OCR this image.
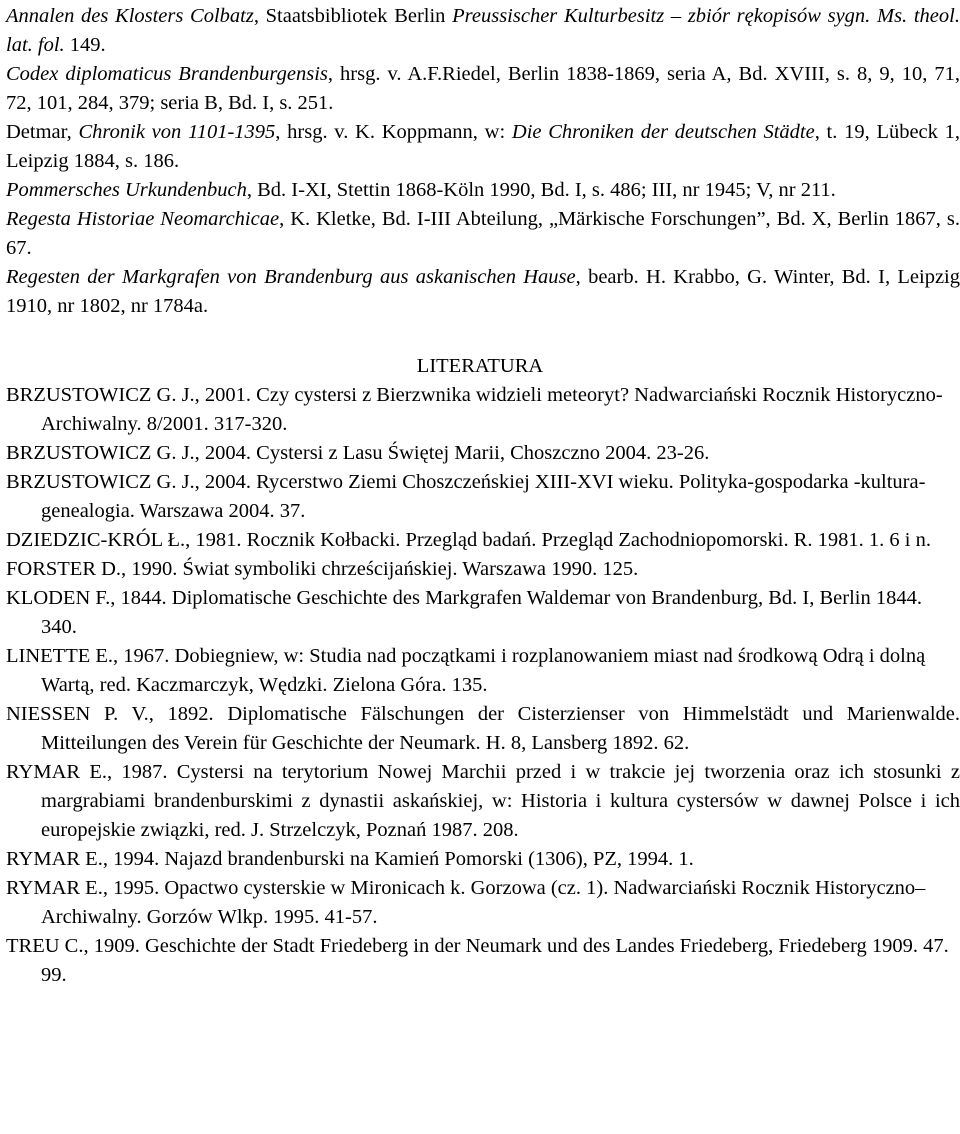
Annalen des Klosters Colbatz, Staatsbibliotek Berlin Preussischer Kulturbesitz – zbiór rękopisów sygn. Ms. theol. lat. fol. 149.

Codex diplomaticus Brandenburgensis, hrsg. v. A.F.Riedel, Berlin 1838-1869, seria A, Bd. XVIII, s. 8, 9, 10, 71, 72, 101, 284, 379; seria B, Bd. I, s. 251.

Detmar, Chronik von 1101-1395, hrsg. v. K. Koppmann, w: Die Chroniken der deutschen Städte, t. 19, Lübeck 1, Leipzig 1884, s. 186.

Pommersches Urkundenbuch, Bd. I-XI, Stettin 1868-Köln 1990, Bd. I, s. 486; III, nr 1945; V, nr 211.

Regesta Historiae Neomarchicae, K. Kletke, Bd. I-III Abteilung, „Märkische Forschungen”, Bd. X, Berlin 1867, s. 67.

Regesten der Markgrafen von Brandenburg aus askanischen Hause, bearb. H. Krabbo, G. Winter, Bd. I, Leipzig 1910, nr 1802, nr 1784a.

LITERATURA
BRZUSTOWICZ G. J., 2001. Czy cystersi z Bierzwnika widzieli meteoryt? Nadwarciański Rocznik Historyczno-Archiwalny. 8/2001. 317-320.
BRZUSTOWICZ G. J., 2004. Cystersi z Lasu Świętej Marii, Choszczno 2004. 23-26.
BRZUSTOWICZ G. J., 2004. Rycerstwo Ziemi Choszczeńskiej XIII-XVI wieku. Polityka-gospodarka -kultura-genealogia. Warszawa 2004. 37.
DZIEDZIC-KRÓL Ł., 1981. Rocznik Kołbacki. Przegląd badań. Przegląd Zachodniopomorski. R. 1981. 1. 6 i n.
FORSTER D., 1990. Świat symboliki chrześcijańskiej. Warszawa 1990. 125.
KLODEN F., 1844. Diplomatische Geschichte des Markgrafen Waldemar von Brandenburg, Bd. I, Berlin 1844. 340.
LINETTE E., 1967. Dobiegniew, w: Studia nad początkami i rozplanowaniem miast nad środkową Odrą i dolną Wartą, red. Kaczmarczyk, Wędzki. Zielona Góra. 135.
NIESSEN P. V., 1892. Diplomatische Fälschungen der Cisterzienser von Himmelstädt und Marienwalde. Mitteilungen des Verein für Geschichte der Neumark. H. 8, Lansberg 1892. 62.
RYMAR E., 1987. Cystersi na terytorium Nowej Marchii przed i w trakcie jej tworzenia oraz ich stosunki z margrabiami brandenburskimi z dynastii askańskiej, w: Historia i kultura cystersów w dawnej Polsce i ich europejskie związki, red. J. Strzelczyk, Poznań 1987. 208.
RYMAR E., 1994. Najazd brandenburski na Kamień Pomorski (1306), PZ, 1994. 1.
RYMAR E., 1995. Opactwo cysterskie w Mironicach k. Gorzowa (cz. 1). Nadwarciański Rocznik Historyczno–Archiwalny. Gorzów Wlkp. 1995. 41-57.
TREU C., 1909. Geschichte der Stadt Friedeberg in der Neumark und des Landes Friedeberg, Friedeberg 1909. 47. 99.
